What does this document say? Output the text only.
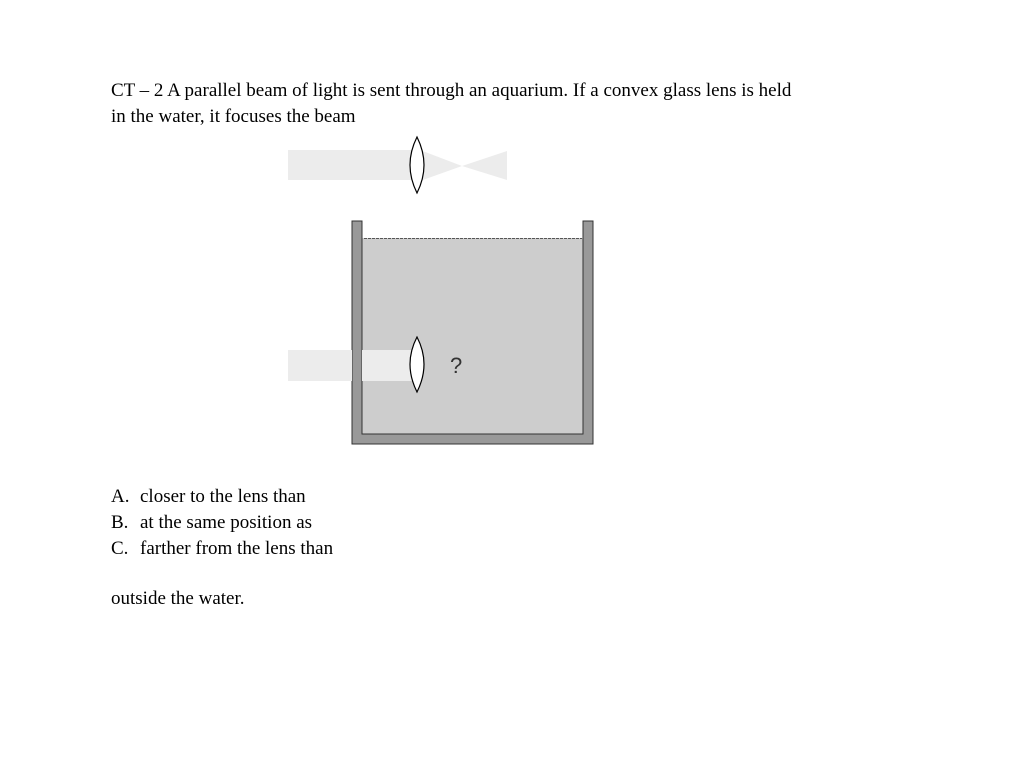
CT – 2 A parallel beam of light is sent through an aquarium. If a convex glass lens is held
in the water, it focuses the beam
?
A. closer to the lens than
B. at the same position as
C. farther from the lens than
outside the water.
